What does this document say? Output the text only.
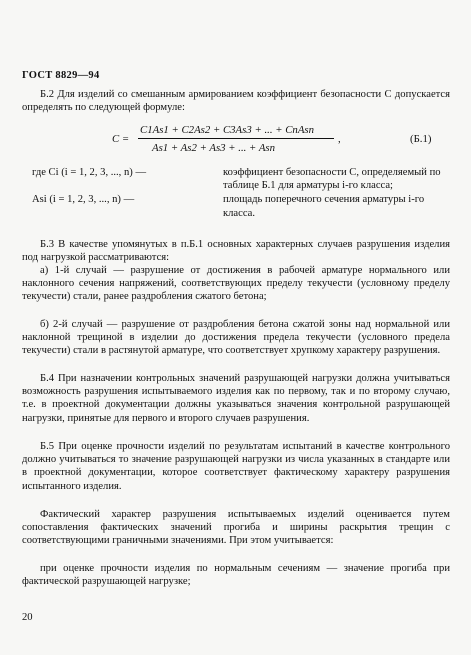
ГОСТ 8829—94
Б.2 Для изделий со смешанным армированием коэффициент безопасности C допускается определять по следующей формуле:
C =
C1As1 + C2As2 + C3As3 + ... + CnAsn
As1 + As2 + As3 + ... + Asn
,	(Б.1)
где Ci (i = 1, 2, 3, ..., n) —	коэффициент безопасности С, определяемый по таблице Б.1 для арматуры i-го класса;
Asi (i = 1, 2, 3, ..., n) —	площадь поперечного сечения арматуры i-го класса.
Б.3 В качестве упомянутых в п.Б.1 основных характерных случаев разрушения изделия под нагрузкой рассматриваются:
а) 1-й случай — разрушение от достижения в рабочей арматуре нормального или наклонного сечения напряжений, соответствующих пределу текучести (условному пределу текучести) стали, ранее раздробления сжатого бетона;
б) 2-й случай — разрушение от раздробления бетона сжатой зоны над нормальной или наклонной трещиной в изделии до достижения предела текучести (условного предела текучести) стали в растянутой арматуре, что соответствует хрупкому характеру разрушения.
Б.4 При назначении контрольных значений разрушающей нагрузки должна учитываться возможность разрушения испытываемого изделия как по первому, так и по второму случаю, т.е. в проектной документации должны указываться значения контрольной разрушающей нагрузки, принятые для первого и второго случаев разрушения.
Б.5 При оценке прочности изделий по результатам испытаний в качестве контрольного должно учитываться то значение разрушающей нагрузки из числа указанных в стандарте или в проектной документации, которое соответствует фактическому характеру разрушения испытанного изделия.
Фактический характер разрушения испытываемых изделий оценивается путем сопоставления фактических значений прогиба и ширины раскрытия трещин с соответствующими граничными значениями. При этом учитывается:
при оценке прочности изделия по нормальным сечениям — значение прогиба при фактической разрушающей нагрузке;
20
